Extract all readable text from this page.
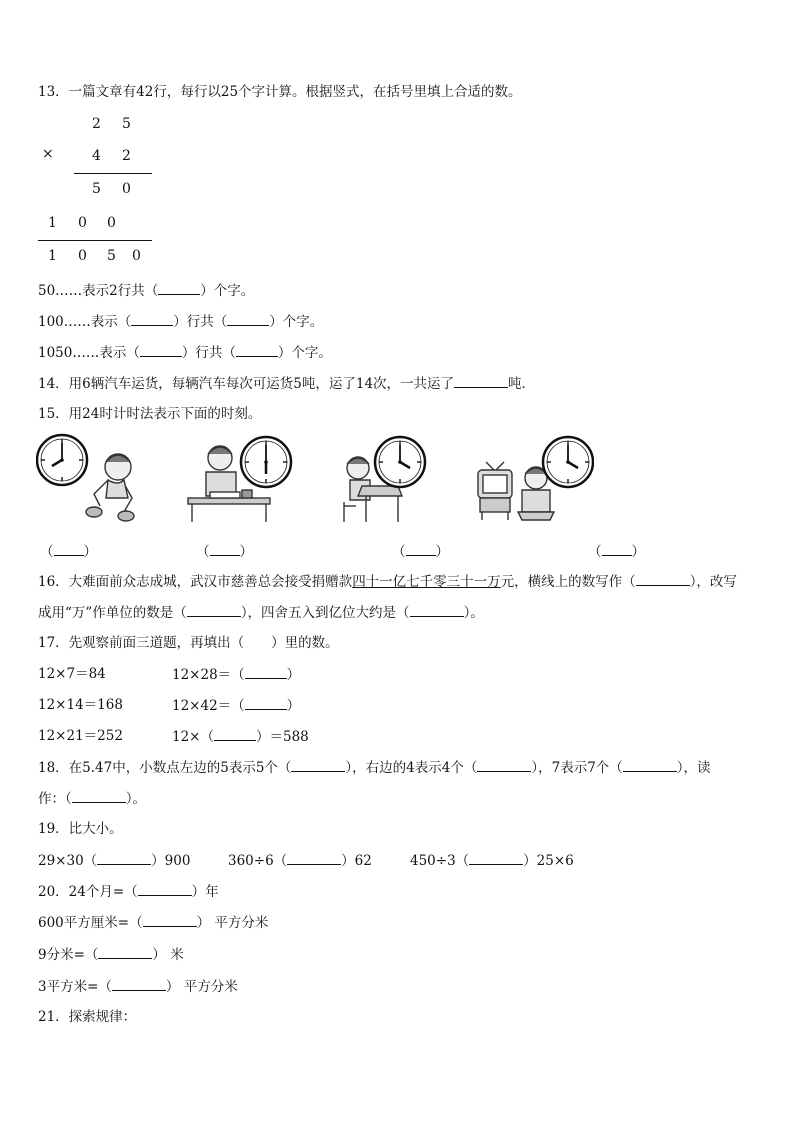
13．一篇文章有42行，每行以25个字计算。根据竖式，在括号里填上合适的数。
2 5
×	4 2
5 0
1 0 0
1 0 5 0
50……表示2行共（	）个字。
100……表示（	）行共（	）个字。
1050……表示（	）行共（	）个字。
14．用6辆汽车运货，每辆汽车每次可运货5吨，运了14次，一共运了	吨．
15．用24时计时法表示下面的时刻。
（ ）	（ ）	（ ）	（ ）
16．大难面前众志成城，武汉市慈善总会接受捐赠款四十一亿七千零三十一万元，横线上的数写作（	），改写
成用“万”作单位的数是（	），四舍五入到亿位大约是（	）。
17．先观察前面三道题，再填出（　　）里的数。
12×7＝84
12×14＝168
12×21＝252
12×28＝（	）
12×42＝（	）
12×（	）＝588
18．在5.47中，小数点左边的5表示5个（	），右边的4表示4个（	），7表示7个（	），读
作：（	）。
19．比大小。
29×30（	）900	360÷6（	）62	450÷3（	）25×6
20．24个月=（	）年
600平方厘米=（	） 平方分米
9分米=（	） 米
3平方米=（	） 平方分米
21．探索规律：
